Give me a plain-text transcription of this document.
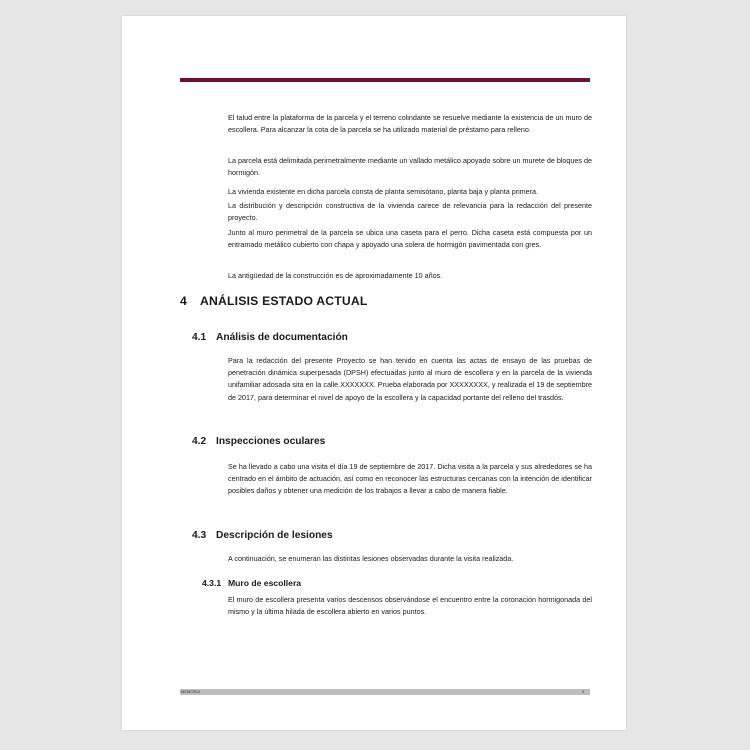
El talud entre la plataforma de la parcela y el terreno colindante se resuelve mediante la existencia de un muro de escollera. Para alcanzar la cota de la parcela se ha utilizado material de préstamo para relleno.

La parcela está delimitada perimetralmente mediante un vallado metálico apoyado sobre un murete de bloques de hormigón.

La vivienda existente en dicha parcela consta de planta semisótano, planta baja y planta primera.

La distribución y descripción constructiva de la vivienda carece de relevancia para la redacción del presente proyecto.

Junto al muro perimetral de la parcela se ubica una caseta para el perro. Dicha caseta está compuesta por un entramado metálico cubierto con chapa y apoyado una solera de hormigón pavimentada con gres.

La antigüedad de la construcción es de aproximadamente 10 años.

4 ANÁLISIS ESTADO ACTUAL
4.1 Análisis de documentación

Para la redacción del presente Proyecto se han tenido en cuenta las actas de ensayo de las pruebas de penetración dinámica superpesada (DPSH) efectuadas junto al muro de escollera y en la parcela de la vivienda unifamiliar adosada sita en la calle XXXXXXX. Prueba elaborada por XXXXXXXX, y realizada el 19 de septiembre de 2017, para determinar el nivel de apoyo de la escollera y la capacidad portante del relleno del trasdós.

4.2 Inspecciones oculares

Se ha llevado a cabo una visita el día 19 de septiembre de 2017. Dicha visita a la parcela y sus alrededores se ha centrado en el ámbito de actuación, así como en reconocer las estructuras cercanas con la intención de identificar posibles daños y obtener una medición de los trabajos a llevar a cabo de manera fiable.

4.3 Descripción de lesiones

A continuación, se enumeran las distintas lesiones observadas durante la visita realizada.

4.3.1 Muro de escollera

El muro de escollera presenta varios descensos observándose el encuentro entre la coronación hormigonada del mismo y la última hilada de escollera abierto en varios puntos.

MEMORIA	4
